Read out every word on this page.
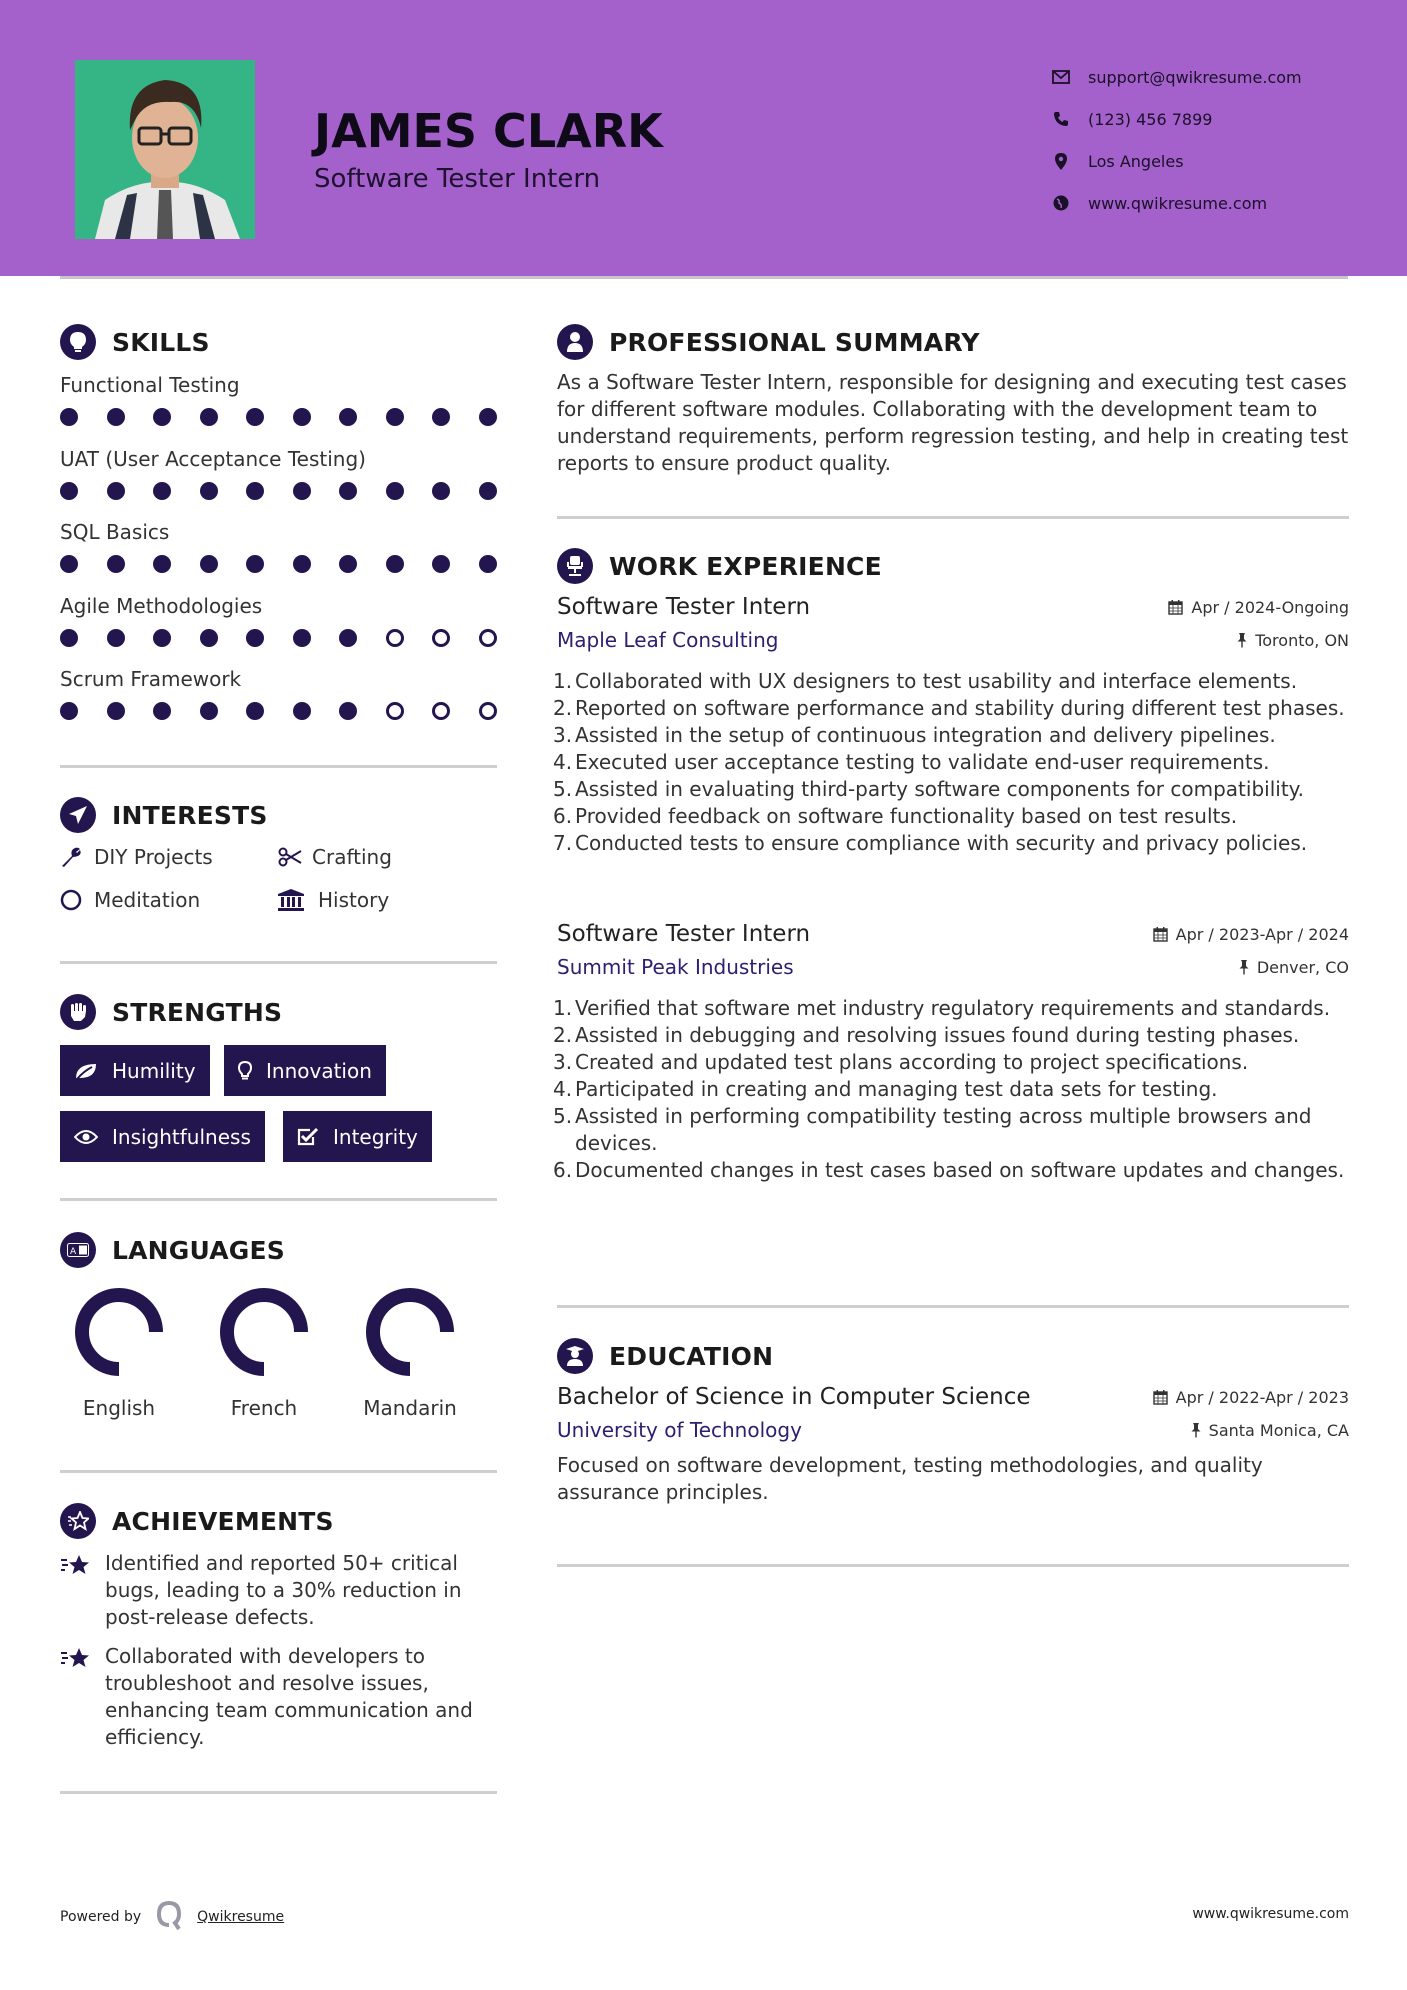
JAMES CLARK
Software Tester Intern
support@qwikresume.com
(123) 456 7899
Los Angeles
www.qwikresume.com
SKILLS
Functional Testing
UAT (User Acceptance Testing)
SQL Basics
Agile Methodologies
Scrum Framework
INTERESTS
DIY Projects	Crafting
Meditation	History
STRENGTHS
Humility	Innovation
Insightfulness	Integrity
A LANGUAGES
English	French	Mandarin
ACHIEVEMENTS
Identified and reported 50+ critical bugs, leading to a 30% reduction in post-release defects.
Collaborated with developers to troubleshoot and resolve issues, enhancing team communication and efficiency.
PROFESSIONAL SUMMARY
As a Software Tester Intern, responsible for designing and executing test cases for different software modules. Collaborating with the development team to understand requirements, perform regression testing, and help in creating test reports to ensure product quality.
WORK EXPERIENCE
Software Tester Intern	Apr / 2024-Ongoing
Maple Leaf Consulting	Toronto, ON
1. Collaborated with UX designers to test usability and interface elements.
2. Reported on software performance and stability during different test phases.
3. Assisted in the setup of continuous integration and delivery pipelines.
4. Executed user acceptance testing to validate end-user requirements.
5. Assisted in evaluating third-party software components for compatibility.
6. Provided feedback on software functionality based on test results.
7. Conducted tests to ensure compliance with security and privacy policies.
Software Tester Intern	Apr / 2023-Apr / 2024
Summit Peak Industries	Denver, CO
1. Verified that software met industry regulatory requirements and standards.
2. Assisted in debugging and resolving issues found during testing phases.
3. Created and updated test plans according to project specifications.
4. Participated in creating and managing test data sets for testing.
5. Assisted in performing compatibility testing across multiple browsers and devices.
6. Documented changes in test cases based on software updates and changes.
EDUCATION
Bachelor of Science in Computer Science	Apr / 2022-Apr / 2023
University of Technology	Santa Monica, CA
Focused on software development, testing methodologies, and quality assurance principles.
Powered by	Qwikresume	www.qwikresume.com
